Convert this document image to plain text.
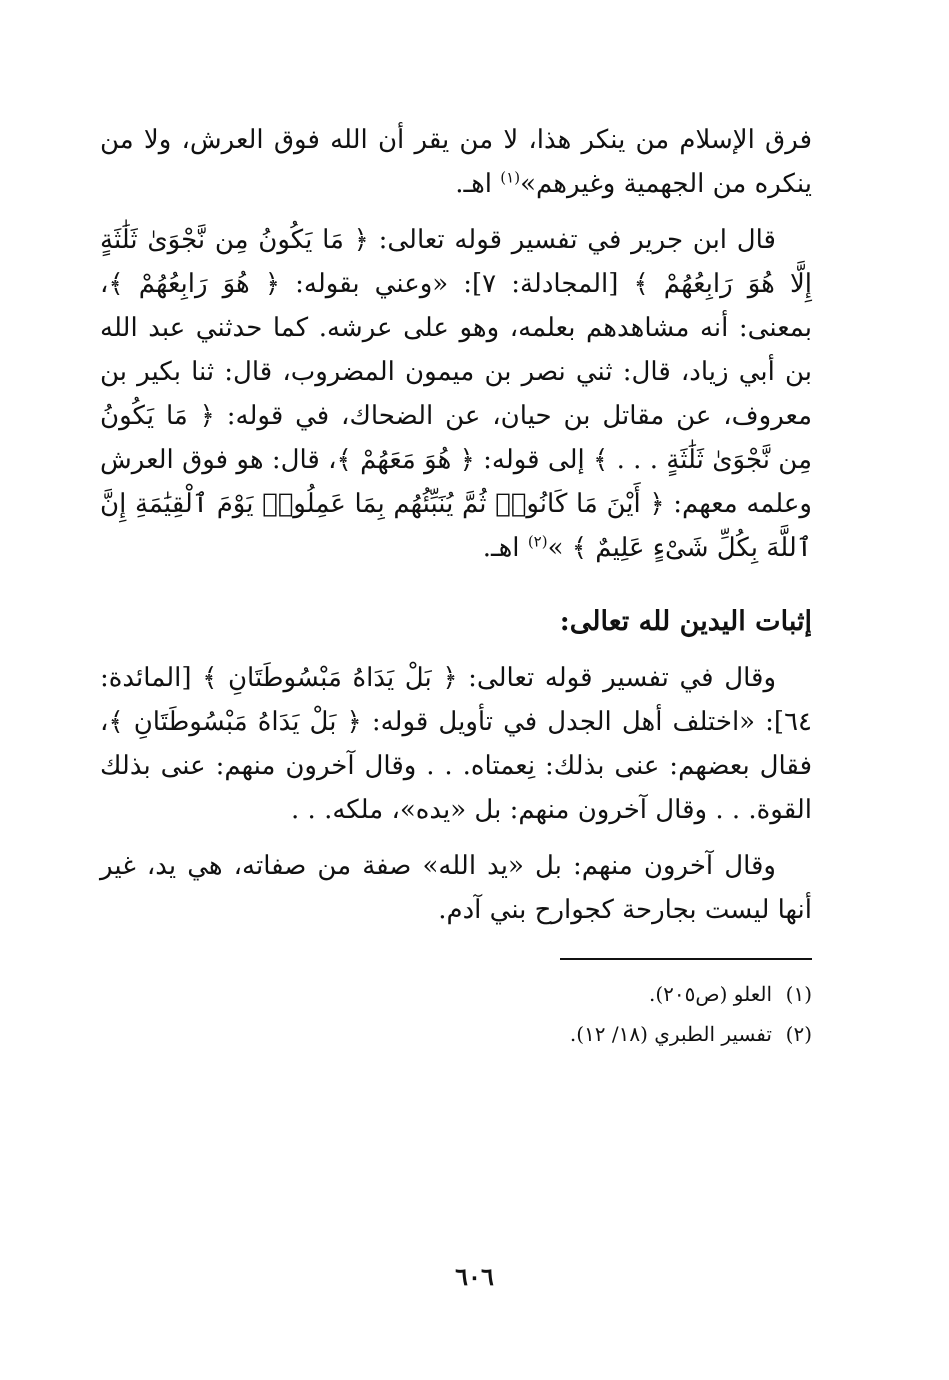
فرق الإسلام من ينكر هذا، لا من يقر أن الله فوق العرش، ولا من ينكره من الجهمية وغيرهم»$^{(١)}$ اهـ.

قال ابن جرير في تفسير قوله تعالى: ﴿ مَا يَكُونُ مِن نَّجْوَىٰ ثَلَٰثَةٍ إِلَّا هُوَ رَابِعُهُمْ ﴾ [المجادلة: ٧]: «وعني بقوله: ﴿ هُوَ رَابِعُهُمْ ﴾، بمعنى: أنه مشاهدهم بعلمه، وهو على عرشه. كما حدثني عبد الله بن أبي زياد، قال: ثني نصر بن ميمون المضروب، قال: ثنا بكير بن معروف، عن مقاتل بن حيان، عن الضحاك، في قوله: ﴿ مَا يَكُونُ مِن نَّجْوَىٰ ثَلَٰثَةٍ . . . ﴾ إلى قوله: ﴿ هُوَ مَعَهُمْ ﴾، قال: هو فوق العرش وعلمه معهم: ﴿ أَيْنَ مَا كَانُوا۟ ثُمَّ يُنَبِّئُهُم بِمَا عَمِلُوا۟ يَوْمَ ٱلْقِيَٰمَةِ إِنَّ ٱللَّهَ بِكُلِّ شَىْءٍ عَلِيمٌ ﴾ »$^{(٢)}$ اهـ.

إثبات اليدين لله تعالى:

وقال في تفسير قوله تعالى: ﴿ بَلْ يَدَاهُ مَبْسُوطَتَانِ ﴾ [المائدة: ٦٤]: «اختلف أهل الجدل في تأويل قوله: ﴿ بَلْ يَدَاهُ مَبْسُوطَتَانِ ﴾، فقال بعضهم: عنى بذلك: نِعمتاه. . . وقال آخرون منهم: عنى بذلك القوة. . . وقال آخرون منهم: بل «يده»، ملكه. . .

وقال آخرون منهم: بل «يد الله» صفة من صفاته، هي يد، غير أنها ليست بجارحة كجوارح بني آدم.

(١)العلو (ص٢٠٥).

(٢)تفسير الطبري (١٨/ ١٢).

٦٠٦
